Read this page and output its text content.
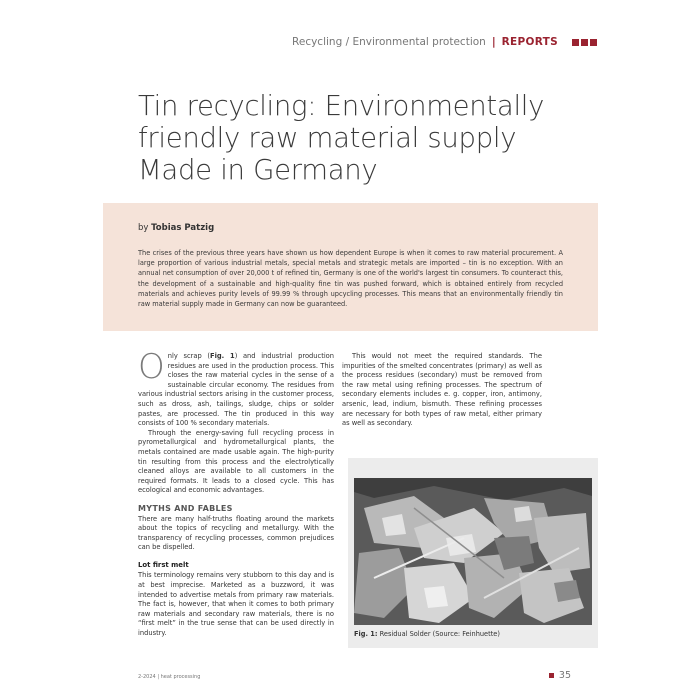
Recycling / Environmental protection | REPORTS
Tin recycling: Environmentally friendly raw material supply Made in Germany
by Tobias Patzig

The crises of the previous three years have shown us how dependent Europe is when it comes to raw material procurement. A large proportion of various industrial metals, special metals and strategic metals are imported – tin is no exception. With an annual net consumption of over 20,000 t of refined tin, Germany is one of the world's largest tin consumers. To counteract this, the development of a sustainable and high-quality fine tin was pushed forward, which is obtained entirely from recycled materials and achieves purity levels of 99.99 % through upcycling processes. This means that an environmentally friendly tin raw material supply made in Germany can now be guaranteed.

Only scrap (Fig. 1) and industrial production residues are used in the production process. This closes the raw material cycles in the sense of a sustainable circular economy. The residues from various industrial sectors arising in the customer process, such as dross, ash, tailings, sludge, chips or solder pastes, are processed. The tin produced in this way consists of 100 % secondary materials.

Through the energy-saving full recycling process in pyrometallurgical and hydrometallurgical plants, the metals contained are made usable again. The high-purity tin resulting from this process and the electrolytically cleaned alloys are available to all customers in the required formats. It leads to a closed cycle. This has ecological and economic advantages.

MYTHS AND FABLES

There are many half-truths floating around the markets about the topics of recycling and metallurgy. With the transparency of recycling processes, common prejudices can be dispelled.

Lot first melt

This terminology remains very stubborn to this day and is at best imprecise. Marketed as a buzzword, it was intended to advertise metals from primary raw materials. The fact is, however, that when it comes to both primary raw materials and secondary raw materials, there is no “first melt” in the true sense that can be used directly in industry.

This would not meet the required standards. The impurities of the smelted concentrates (primary) as well as the process residues (secondary) must be removed from the raw metal using refining processes. The spectrum of secondary elements includes e. g. copper, iron, antimony, arsenic, lead, indium, bismuth. These refining processes are necessary for both types of raw metal, either primary as well as secondary.

Fig. 1: Residual Solder (Source: Feinhuette)
2-2024 | heat processing	35
